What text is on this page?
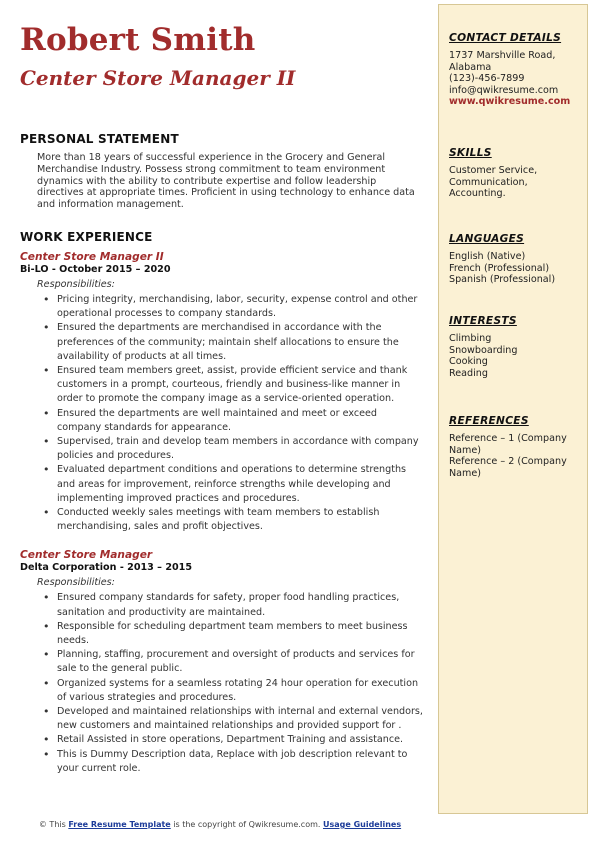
Robert Smith
Center Store Manager II
PERSONAL STATEMENT
More than 18 years of successful experience in the Grocery and General Merchandise Industry. Possess strong commitment to team environment dynamics with the ability to contribute expertise and follow leadership directives at appropriate times. Proficient in using technology to enhance data and information management.
WORK EXPERIENCE
Center Store Manager II
Bi-LO - October 2015 – 2020
Responsibilities:
• Pricing integrity, merchandising, labor, security, expense control and other operational processes to company standards.
• Ensured the departments are merchandised in accordance with the preferences of the community; maintain shelf allocations to ensure the availability of products at all times.
• Ensured team members greet, assist, provide efficient service and thank customers in a prompt, courteous, friendly and business-like manner in order to promote the company image as a service-oriented operation.
• Ensured the departments are well maintained and meet or exceed company standards for appearance.
• Supervised, train and develop team members in accordance with company policies and procedures.
• Evaluated department conditions and operations to determine strengths and areas for improvement, reinforce strengths while developing and implementing improved practices and procedures.
• Conducted weekly sales meetings with team members to establish merchandising, sales and profit objectives.
Center Store Manager
Delta Corporation - 2013 – 2015
Responsibilities:
• Ensured company standards for safety, proper food handling practices, sanitation and productivity are maintained.
• Responsible for scheduling department team members to meet business needs.
• Planning, staffing, procurement and oversight of products and services for sale to the general public.
• Organized systems for a seamless rotating 24 hour operation for execution of various strategies and procedures.
• Developed and maintained relationships with internal and external vendors, new customers and maintained relationships and provided support for .
• Retail Assisted in store operations, Department Training and assistance.
• This is Dummy Description data, Replace with job description relevant to your current role.
CONTACT DETAILS
1737 Marshville Road,
Alabama
(123)-456-7899
info@qwikresume.com
www.qwikresume.com
SKILLS
Customer Service,
Communication,
Accounting.
LANGUAGES
English (Native)
French (Professional)
Spanish (Professional)
INTERESTS
Climbing
Snowboarding
Cooking
Reading
REFERENCES
Reference – 1 (Company Name)
Reference – 2 (Company Name)
© This Free Resume Template is the copyright of Qwikresume.com. Usage Guidelines
